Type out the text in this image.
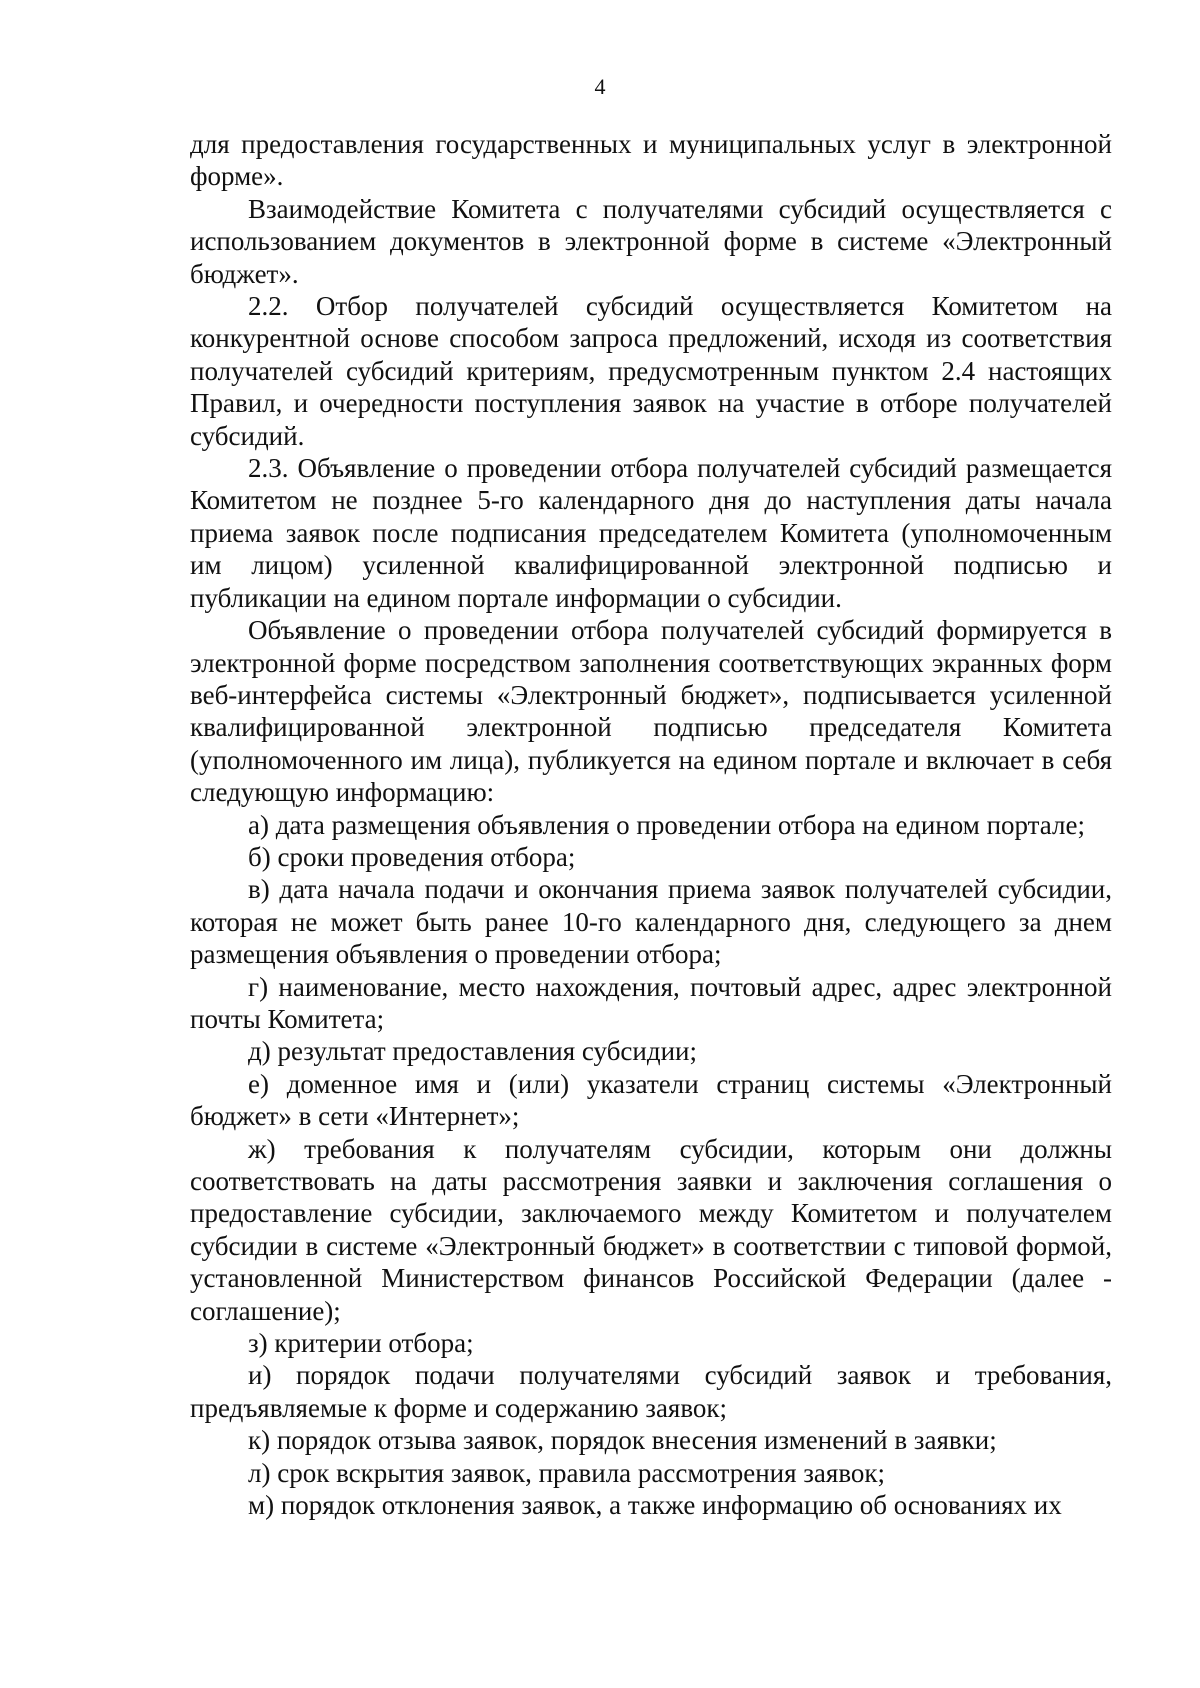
4

для предоставления государственных и муниципальных услуг в электронной форме».

Взаимодействие Комитета с получателями субсидий осуществляется с использованием документов в электронной форме в системе «Электронный бюджет».

2.2. Отбор получателей субсидий осуществляется Комитетом на конкурентной основе способом запроса предложений, исходя из соответствия получателей субсидий критериям, предусмотренным пунктом 2.4 настоящих Правил, и очередности поступления заявок на участие в отборе получателей субсидий.

2.3. Объявление о проведении отбора получателей субсидий размещается Комитетом не позднее 5-го календарного дня до наступления даты начала приема заявок после подписания председателем Комитета (уполномоченным им лицом) усиленной квалифицированной электронной подписью и публикации на едином портале информации о субсидии.

Объявление о проведении отбора получателей субсидий формируется в электронной форме посредством заполнения соответствующих экранных форм веб-интерфейса системы «Электронный бюджет», подписывается усиленной квалифицированной электронной подписью председателя Комитета (уполномоченного им лица), публикуется на едином портале и включает в себя следующую информацию:

а) дата размещения объявления о проведении отбора на едином портале;

б) сроки проведения отбора;

в) дата начала подачи и окончания приема заявок получателей субсидии, которая не может быть ранее 10-го календарного дня, следующего за днем размещения объявления о проведении отбора;

г) наименование, место нахождения, почтовый адрес, адрес электронной почты Комитета;

д) результат предоставления субсидии;

е) доменное имя и (или) указатели страниц системы «Электронный бюджет» в сети «Интернет»;

ж) требования к получателям субсидии, которым они должны соответствовать на даты рассмотрения заявки и заключения соглашения о предоставление субсидии, заключаемого между Комитетом и получателем субсидии в системе «Электронный бюджет» в соответствии с типовой формой, установленной Министерством финансов Российской Федерации (далее - соглашение);

з) критерии отбора;

и) порядок подачи получателями субсидий заявок и требования, предъявляемые к форме и содержанию заявок;

к) порядок отзыва заявок, порядок внесения изменений в заявки;

л) срок вскрытия заявок, правила рассмотрения заявок;

м) порядок отклонения заявок, а также информацию об основаниях их
